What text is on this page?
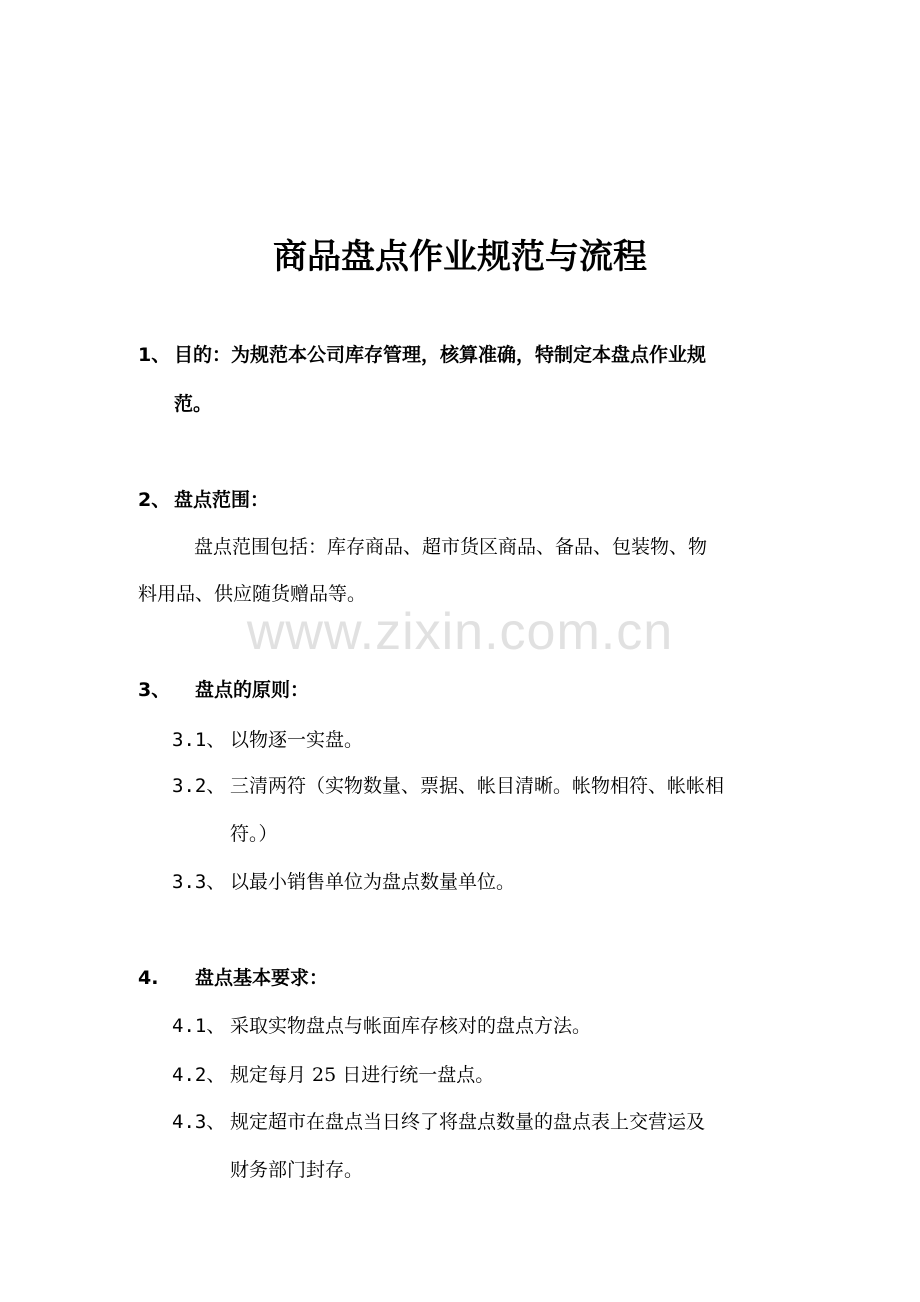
商品盘点作业规范与流程
1、 目的：为规范本公司库存管理，核算准确，特制定本盘点作业规
范。
2、 盘点范围：
盘点范围包括：库存商品、超市货区商品、备品、包装物、物
料用品、供应随货赠品等。
www.zixin.com.cn
3、 盘点的原则：
3.1、 以物逐一实盘。
3.2、 三清两符（实物数量、票据、帐目清晰。帐物相符、帐帐相
符。）
3.3、 以最小销售单位为盘点数量单位。
4. 盘点基本要求：
4.1、 采取实物盘点与帐面库存核对的盘点方法。
4.2、 规定每月 25 日进行统一盘点。
4.3、 规定超市在盘点当日终了将盘点数量的盘点表上交营运及
财务部门封存。
